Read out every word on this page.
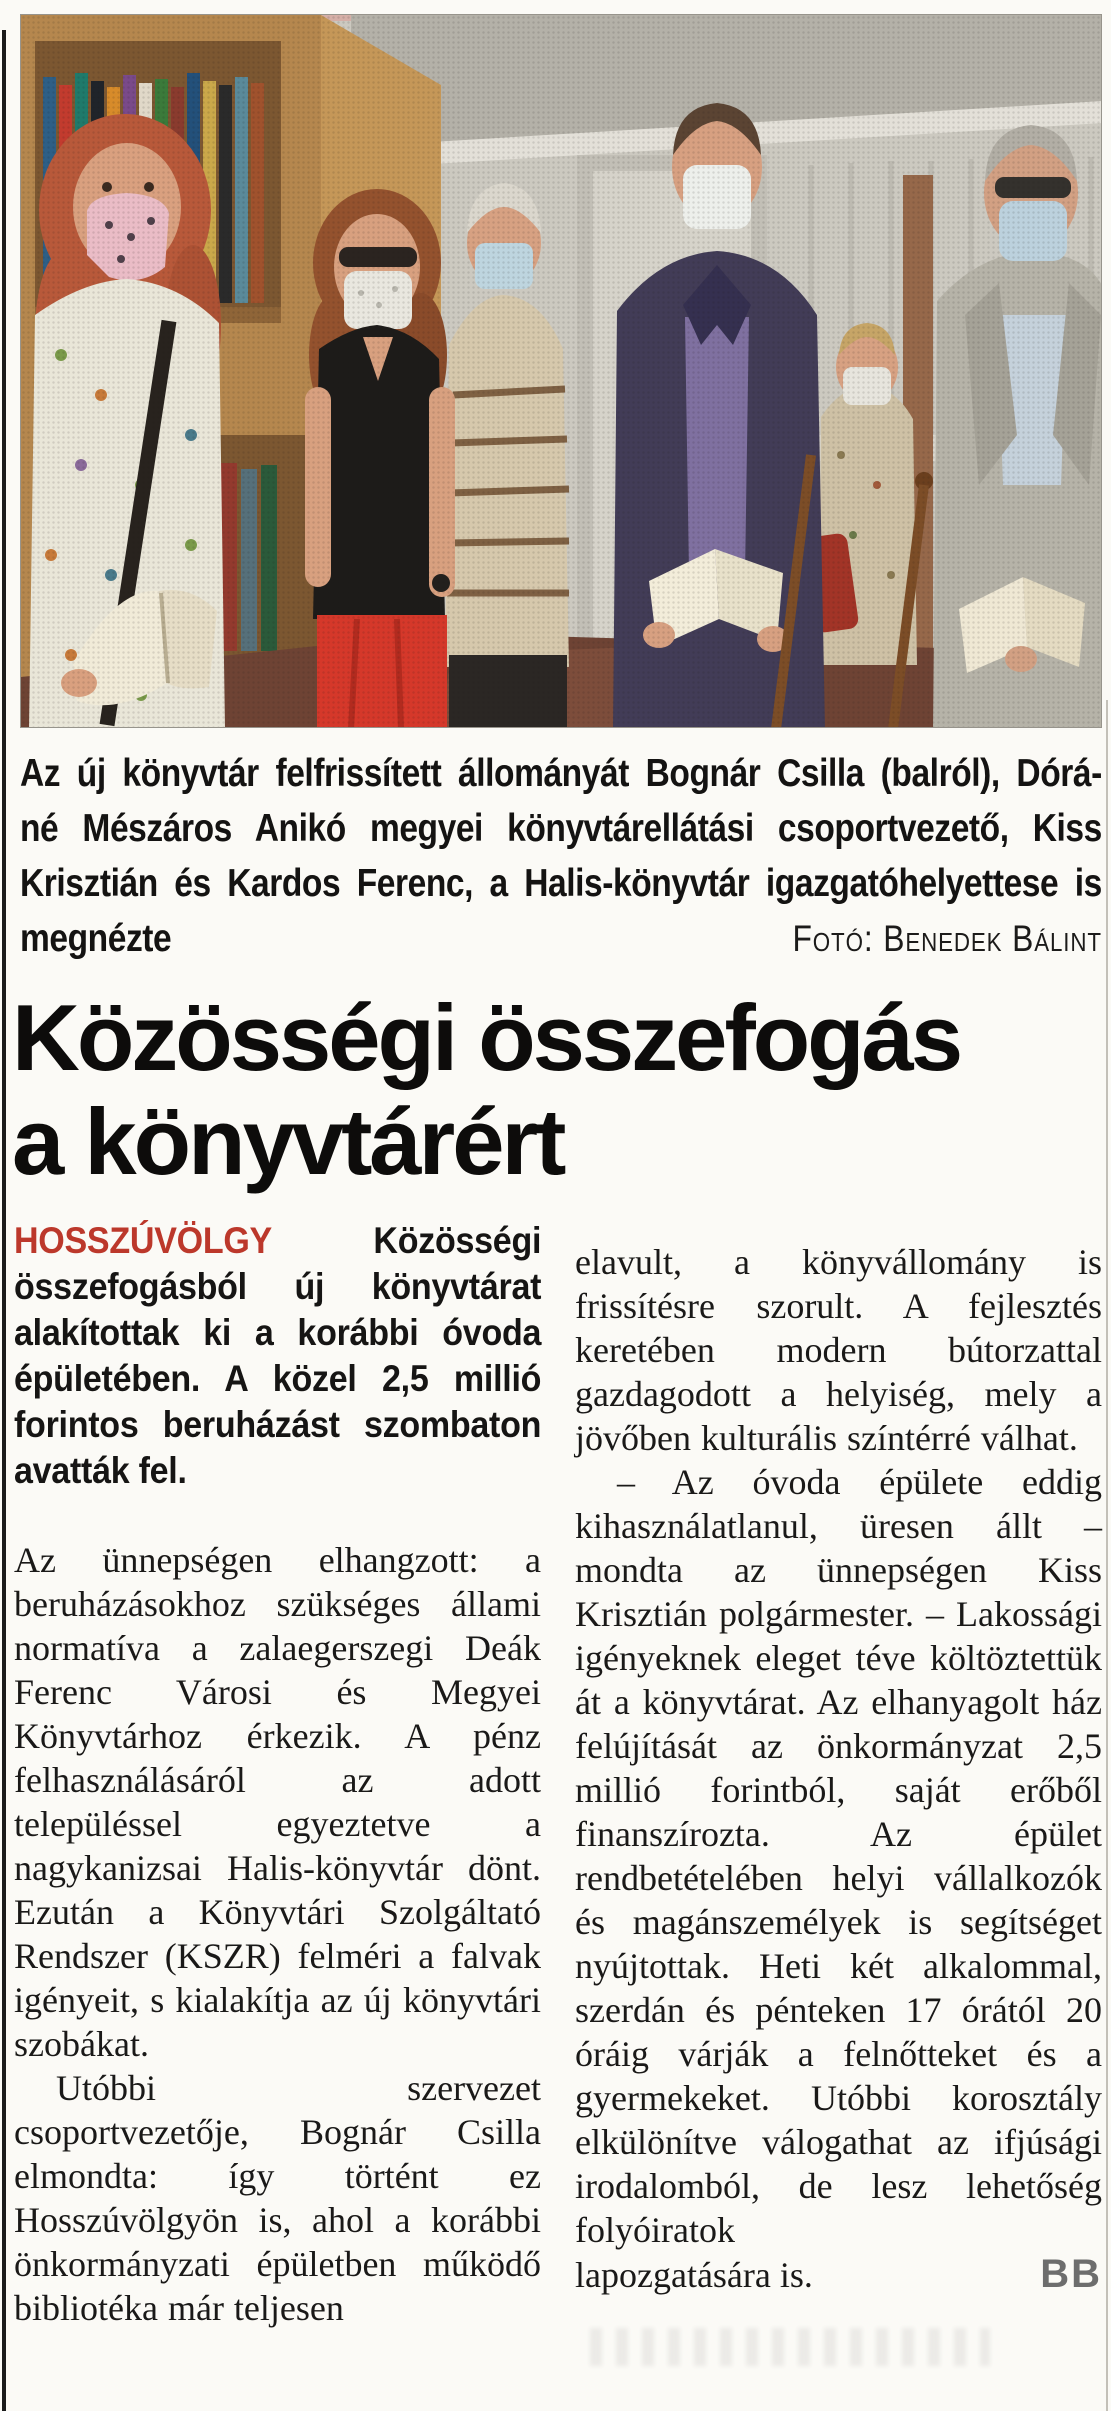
Az új könyvtár felfrissített állományát Bognár Csilla (balról), Dórá-
né Mészáros Anikó megyei könyvtárellátási csoportvezető, Kiss
Krisztián és Kardos Ferenc, a Halis-könyvtár igazgatóhelyettese is
megnézte	Fotó: Benedek Bálint
Közösségi összefogás
a könyvtárért

HOSSZÚVÖLGY	Közösségi összefogásból új könyvtárat alakítottak ki a korábbi óvoda épületében. A közel 2,5 millió forintos beruházást szombaton avatták fel.

Az ünnepségen elhangzott: a beruházásokhoz szükséges állami normatíva a zalaegerszegi Deák Ferenc Városi és Megyei Könyvtárhoz érkezik. A pénz felhasználásáról az adott településsel egyeztetve a nagykanizsai Halis-könyvtár dönt. Ezután a Könyvtári Szolgáltató Rendszer (KSZR) felméri a falvak igényeit, s kialakítja az új könyvtári szobákat.

Utóbbi szervezet csoportvezetője, Bognár Csilla elmondta: így történt ez Hosszúvölgyön is, ahol a korábbi önkormányzati épületben működő bibliotéka már teljesen

elavult, a könyvállomány is frissítésre szorult. A fejlesztés keretében modern bútorzattal gazdagodott a helyiség, mely a jövőben kulturális színtérré válhat.

– Az óvoda épülete eddig kihasználatlanul, üresen állt – mondta az ünnepségen Kiss Krisztián polgármester. – Lakossági igényeknek eleget téve költöztettük át a könyvtárat. Az elhanyagolt ház felújítását az önkormányzat 2,5 millió forintból, saját erőből finanszírozta. Az épület rendbetételében helyi vállalkozók és magánszemélyek is segítséget nyújtottak. Heti két alkalommal, szerdán és pénteken 17 órától 20 óráig várják a felnőtteket és a gyermekeket. Utóbbi korosztály elkülönítve válogathat az ifjúsági irodalomból, de lesz lehetőség folyóiratok

lapozgatására is.	BB
